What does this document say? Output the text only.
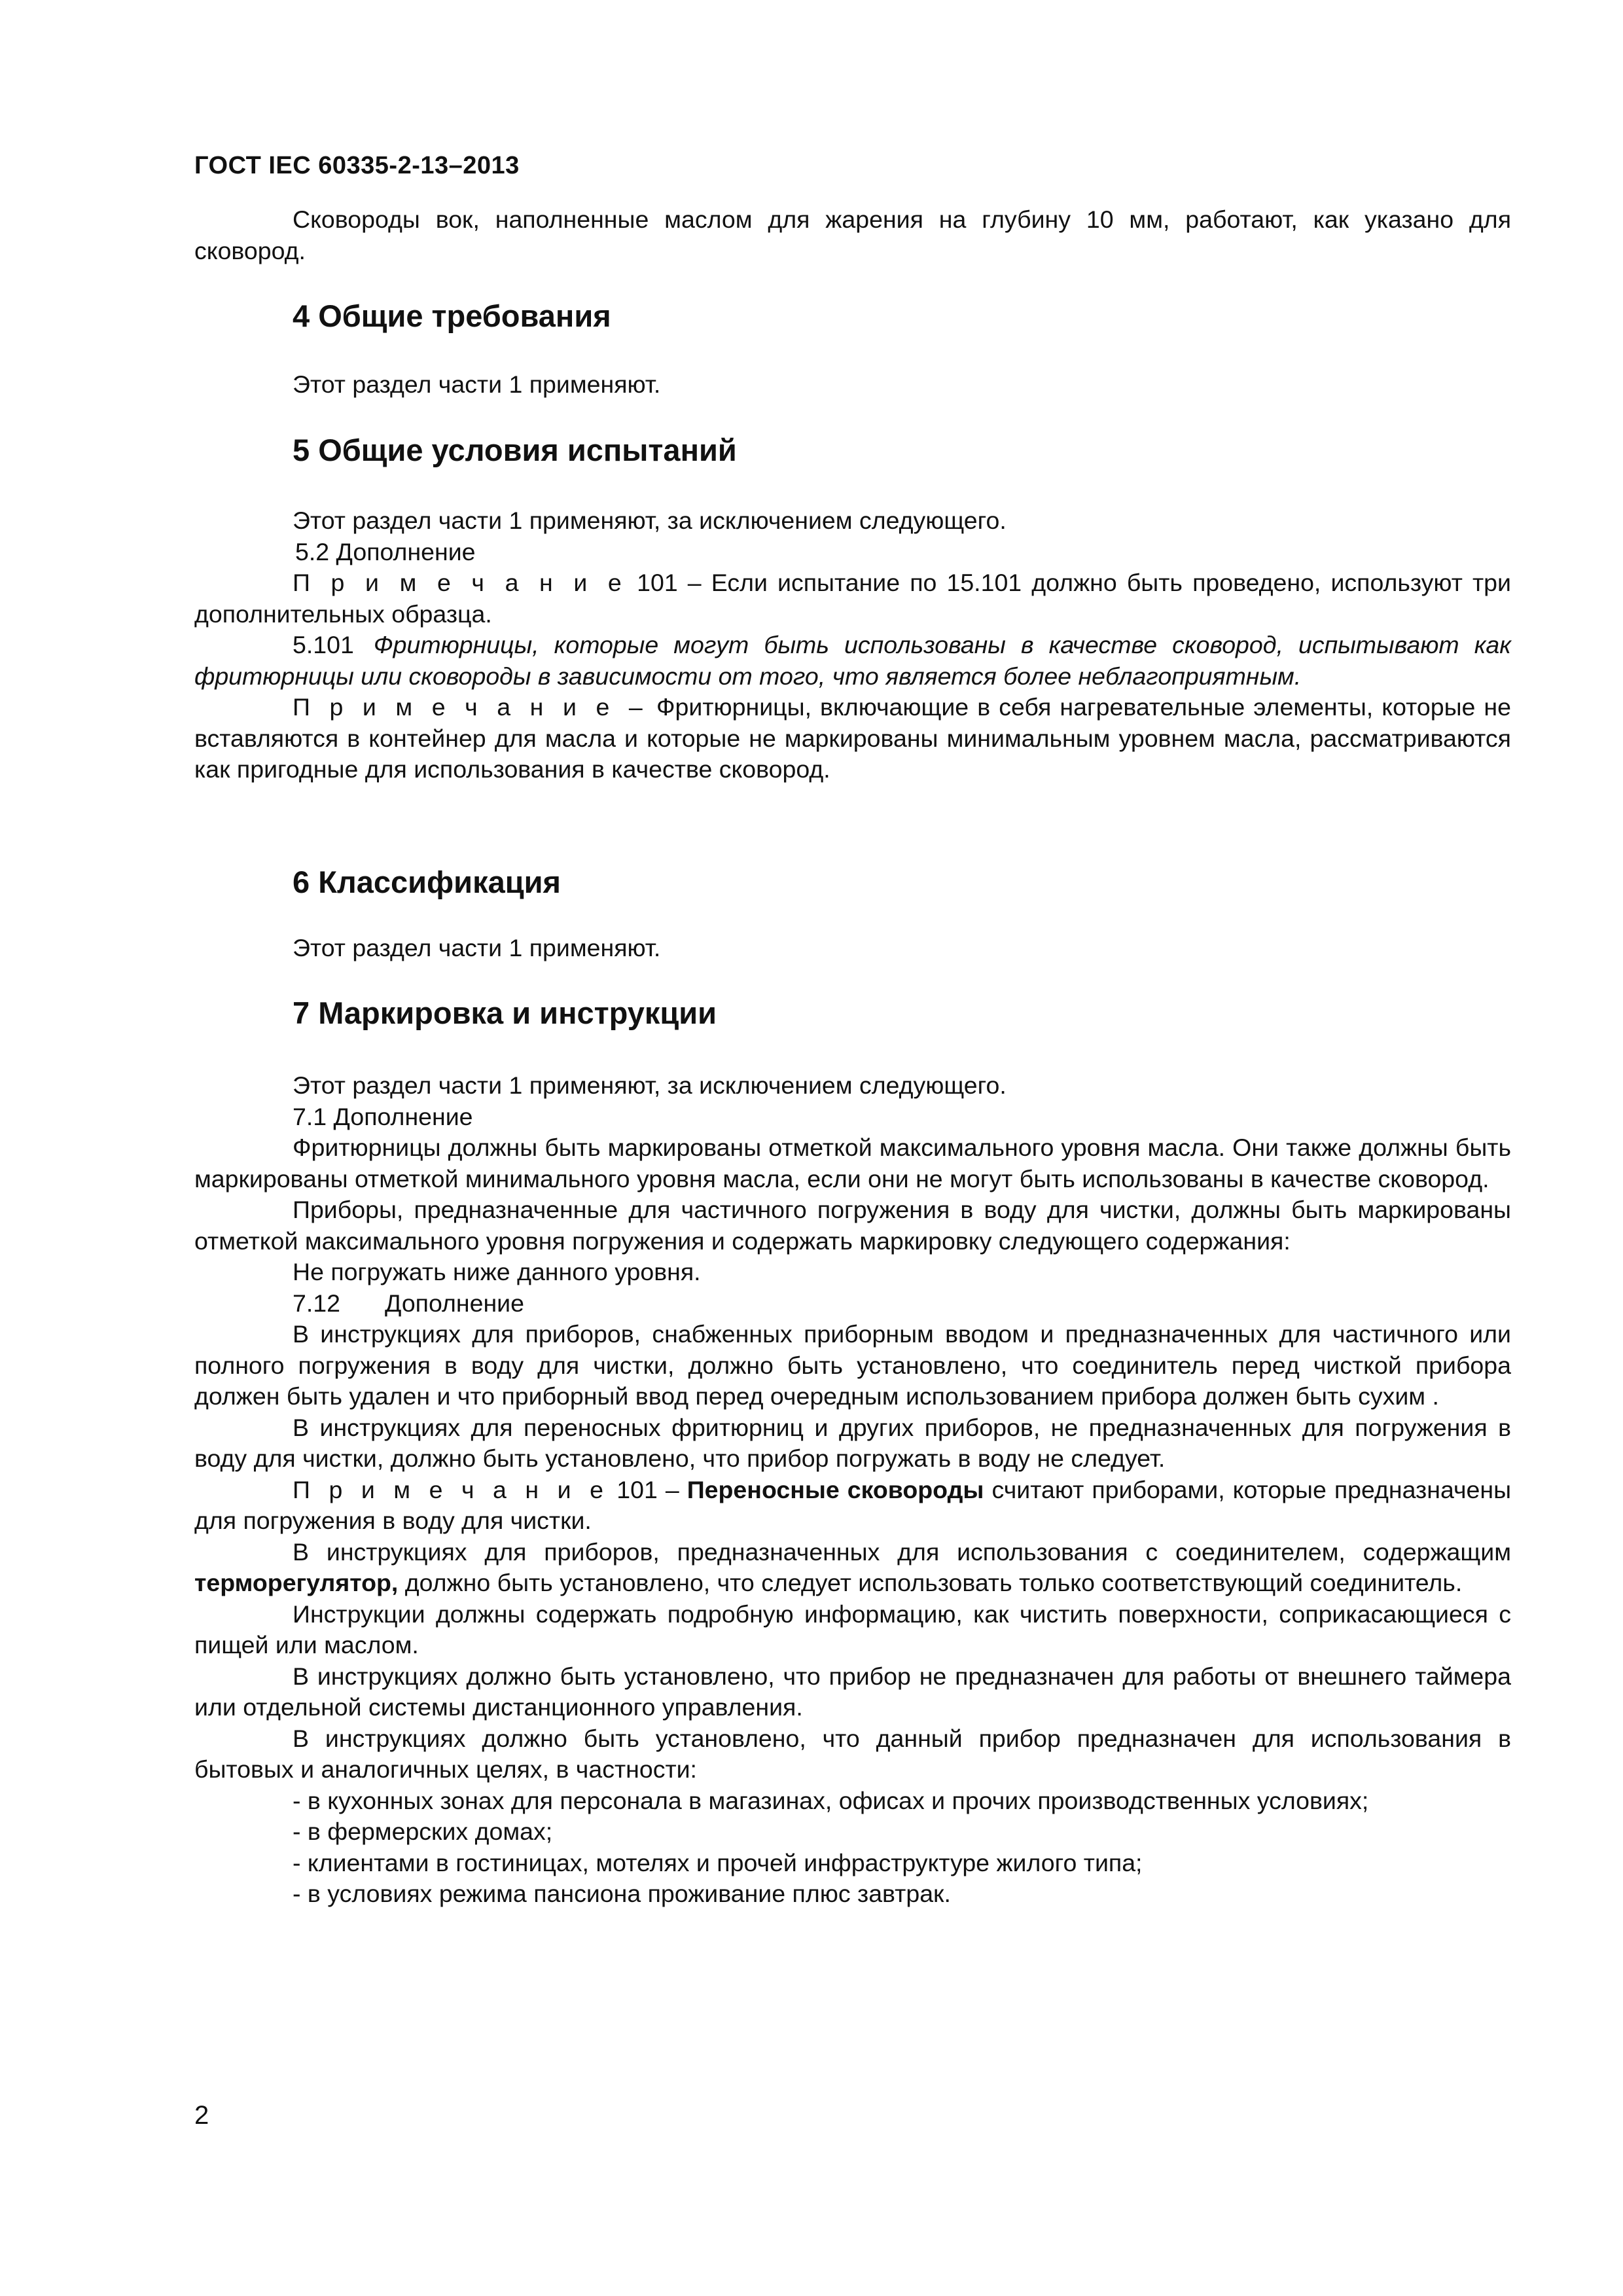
ГОСТ IEC 60335-2-13–2013

Сковороды вок, наполненные маслом для жарения на глубину 10 мм, работают, как указано для сковород.

4 Общие требования

Этот раздел части 1 применяют.

5 Общие условия испытаний

Этот раздел части 1 применяют, за исключением следующего.

5.2 Дополнение

П р и м е ч а н и е 101 – Если испытание по 15.101 должно быть проведено, используют три дополнительных образца.

5.101 Фритюрницы, которые могут быть использованы в качестве сковород, испытывают как фритюрницы или сковороды в зависимости от того, что является более неблагоприятным.

П р и м е ч а н и е – Фритюрницы, включающие в себя нагревательные элементы, которые не вставляются в контейнер для масла и которые не маркированы минимальным уровнем масла, рассматриваются как пригодные для использования в качестве сковород.

6 Классификация

Этот раздел части 1 применяют.

7 Маркировка и инструкции

Этот раздел части 1 применяют, за исключением следующего.

7.1 Дополнение

Фритюрницы должны быть маркированы отметкой максимального уровня масла. Они также должны быть маркированы отметкой минимального уровня масла, если они не могут быть использованы в качестве сковород.

Приборы, предназначенные для частичного погружения в воду для чистки, должны быть маркированы отметкой максимального уровня погружения и содержать маркировку следующего содержания:

Не погружать ниже данного уровня.

7.12 Дополнение

В инструкциях для приборов, снабженных приборным вводом и предназначенных для частичного или полного погружения в воду для чистки, должно быть установлено, что соединитель перед чисткой прибора должен быть удален и что приборный ввод перед очередным использованием прибора должен быть сухим .

В инструкциях для переносных фритюрниц и других приборов, не предназначенных для погружения в воду для чистки, должно быть установлено, что прибор погружать в воду не следует.

П р и м е ч а н и е 101 – Переносные сковороды считают приборами, которые предназначены для погружения в воду для чистки.

В инструкциях для приборов, предназначенных для использования с соединителем, содержащим терморегулятор, должно быть установлено, что следует использовать только соответствующий соединитель.

Инструкции должны содержать подробную информацию, как чистить поверхности, соприкасающиеся с пищей или маслом.

В инструкциях должно быть установлено, что прибор не предназначен для работы от внешнего таймера или отдельной системы дистанционного управления.

В инструкциях должно быть установлено, что данный прибор предназначен для использования в бытовых и аналогичных целях, в частности:

- в кухонных зонах для персонала в магазинах, офисах и прочих производственных условиях;

- в фермерских домах;

- клиентами в гостиницах, мотелях и прочей инфраструктуре жилого типа;

- в условиях режима пансиона проживание плюс завтрак.

2
